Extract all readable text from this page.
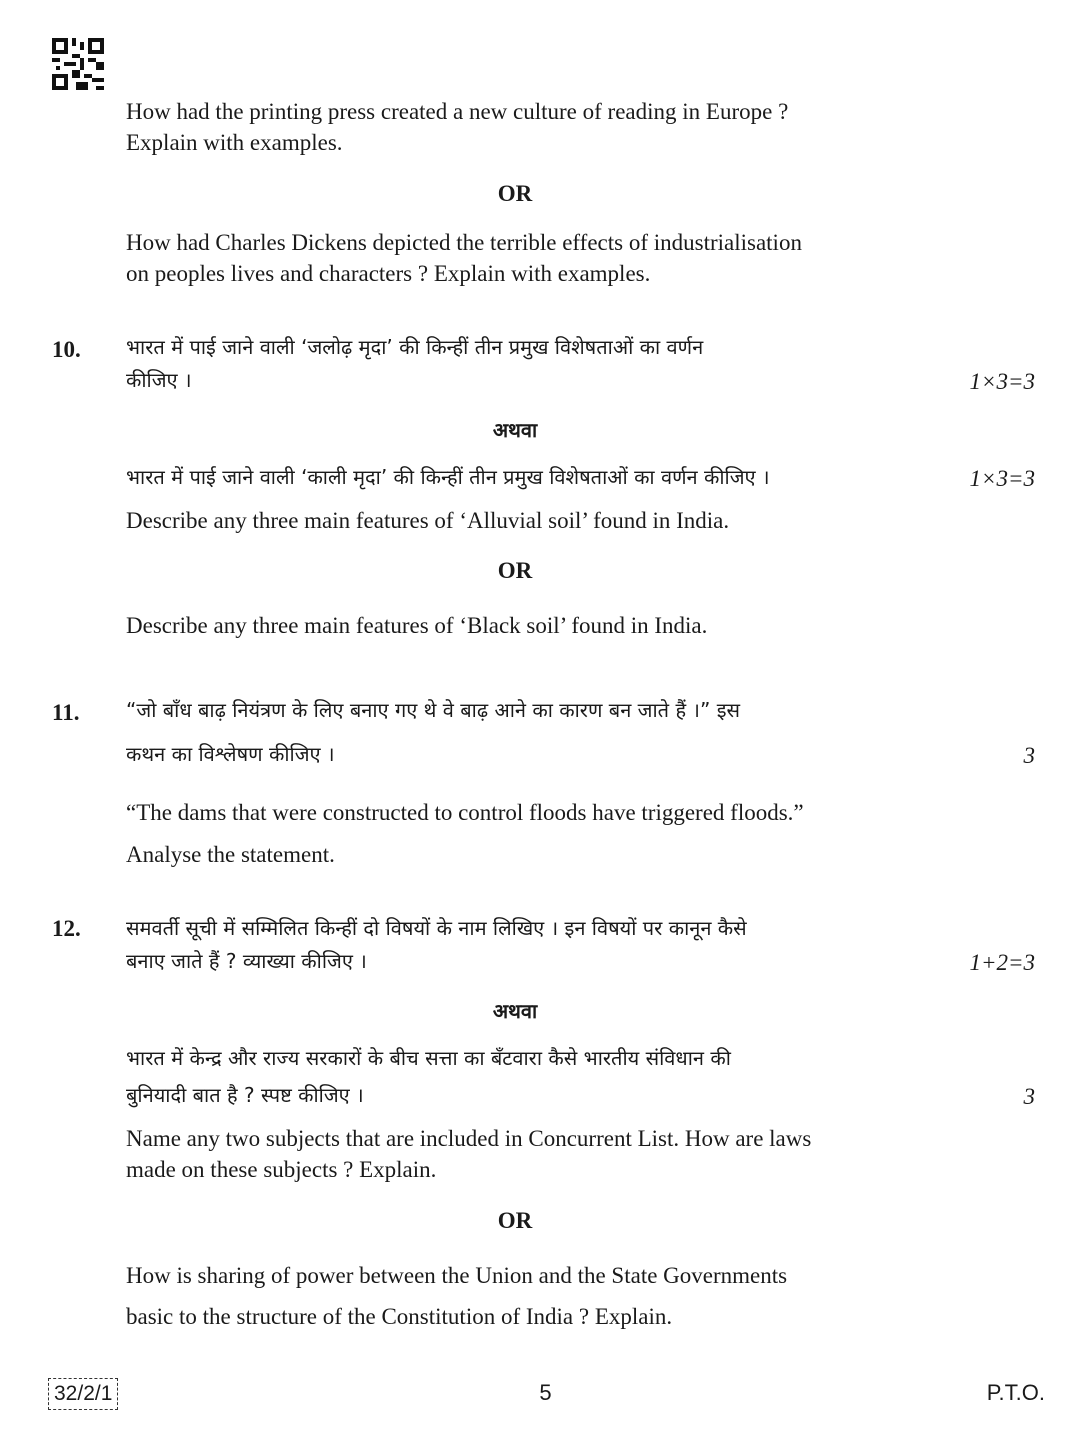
How had the printing press created a new culture of reading in Europe ?
Explain with examples.
OR
How had Charles Dickens depicted the terrible effects of industrialisation
on peoples lives and characters ? Explain with examples.
10. भारत में पाई जाने वाली ‘जलोढ़ मृदा’ की किन्हीं तीन प्रमुख विशेषताओं का वर्णन
कीजिए ।	1×3=3
अथवा
भारत में पाई जाने वाली ‘काली मृदा’ की किन्हीं तीन प्रमुख विशेषताओं का वर्णन कीजिए ।	1×3=3
Describe any three main features of ‘Alluvial soil’ found in India.
OR
Describe any three main features of ‘Black soil’ found in India.
11. “जो बाँध बाढ़ नियंत्रण के लिए बनाए गए थे वे बाढ़ आने का कारण बन जाते हैं ।” इस
कथन का विश्लेषण कीजिए ।	3
“The dams that were constructed to control floods have triggered floods.”
Analyse the statement.
12. समवर्ती सूची में सम्मिलित किन्हीं दो विषयों के नाम लिखिए । इन विषयों पर कानून कैसे
बनाए जाते हैं ? व्याख्या कीजिए ।	1+2=3
अथवा
भारत में केन्द्र और राज्य सरकारों के बीच सत्ता का बँटवारा कैसे भारतीय संविधान की
बुनियादी बात है ? स्पष्ट कीजिए ।	3
Name any two subjects that are included in Concurrent List. How are laws
made on these subjects ? Explain.
OR
How is sharing of power between the Union and the State Governments
basic to the structure of the Constitution of India ? Explain.
32/2/1	5	P.T.O.
